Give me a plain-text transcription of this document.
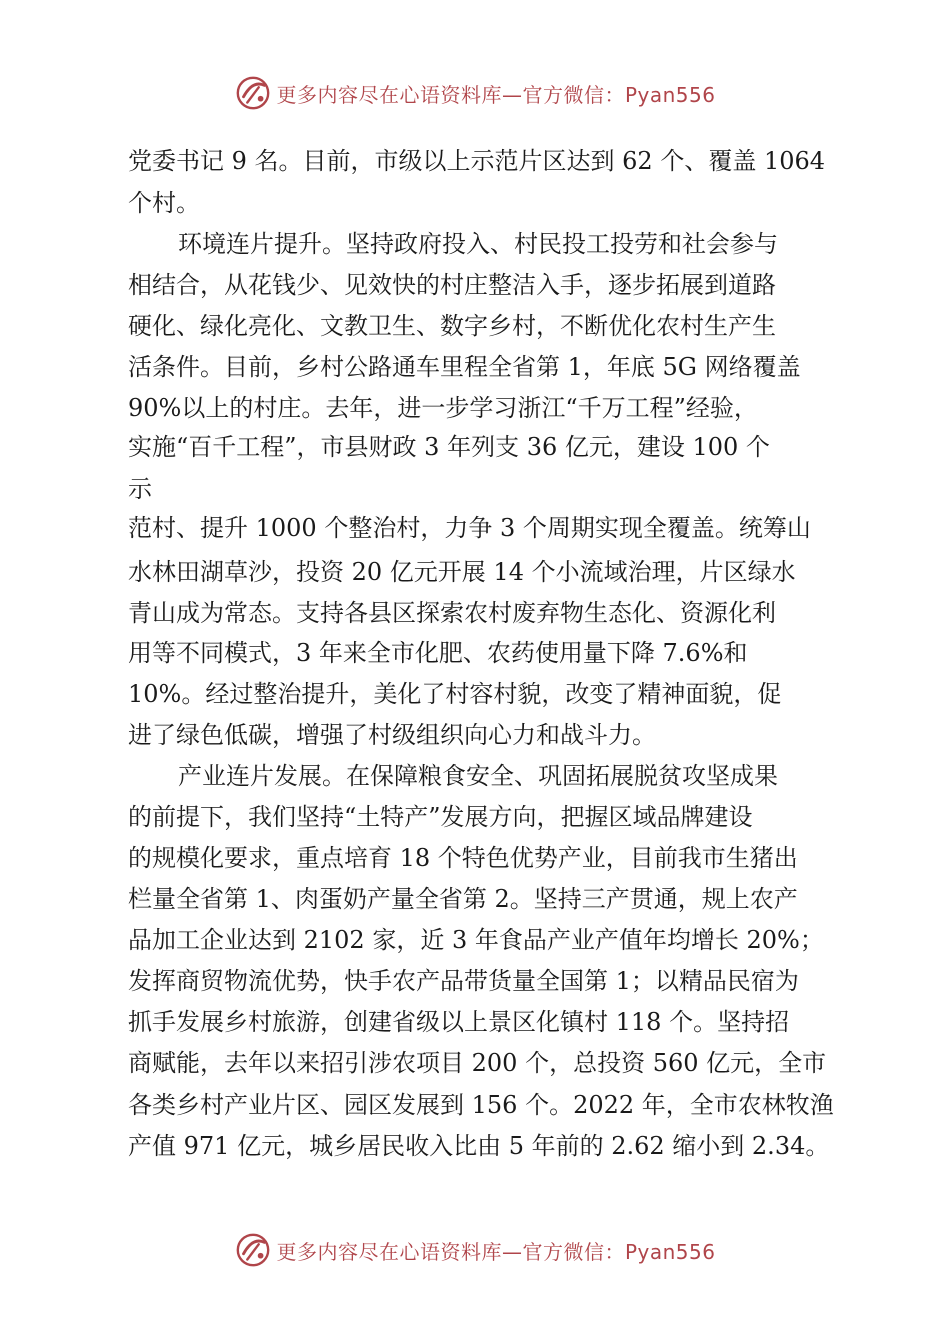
更多内容尽在心语资料库—官方微信：Pyan556
党委书记 9 名。目前，市级以上示范片区达到 62 个、覆盖 1064
个村。
环境连片提升。坚持政府投入、村民投工投劳和社会参与
相结合，从花钱少、见效快的村庄整洁入手，逐步拓展到道路
硬化、绿化亮化、文教卫生、数字乡村，不断优化农村生产生
活条件。目前，乡村公路通车里程全省第 1，年底 5G 网络覆盖
90%以上的村庄。去年，进一步学习浙江“千万工程”经验，
实施“百千工程”，市县财政 3 年列支 36 亿元，建设 100 个
示
范村、提升 1000 个整治村，力争 3 个周期实现全覆盖。统筹山
水林田湖草沙，投资 20 亿元开展 14 个小流域治理，片区绿水
青山成为常态。支持各县区探索农村废弃物生态化、资源化利
用等不同模式，3 年来全市化肥、农药使用量下降 7.6%和
10%。经过整治提升，美化了村容村貌，改变了精神面貌，促
进了绿色低碳，增强了村级组织向心力和战斗力。
产业连片发展。在保障粮食安全、巩固拓展脱贫攻坚成果
的前提下，我们坚持“土特产”发展方向，把握区域品牌建设
的规模化要求，重点培育 18 个特色优势产业，目前我市生猪出
栏量全省第 1、肉蛋奶产量全省第 2。坚持三产贯通，规上农产
品加工企业达到 2102 家，近 3 年食品产业产值年均增长 20%；
发挥商贸物流优势，快手农产品带货量全国第 1；以精品民宿为
抓手发展乡村旅游，创建省级以上景区化镇村 118 个。坚持招
商赋能，去年以来招引涉农项目 200 个，总投资 560 亿元，全市
各类乡村产业片区、园区发展到 156 个。2022 年，全市农林牧渔
产值 971 亿元，城乡居民收入比由 5 年前的 2.62 缩小到 2.34。
更多内容尽在心语资料库—官方微信：Pyan556
